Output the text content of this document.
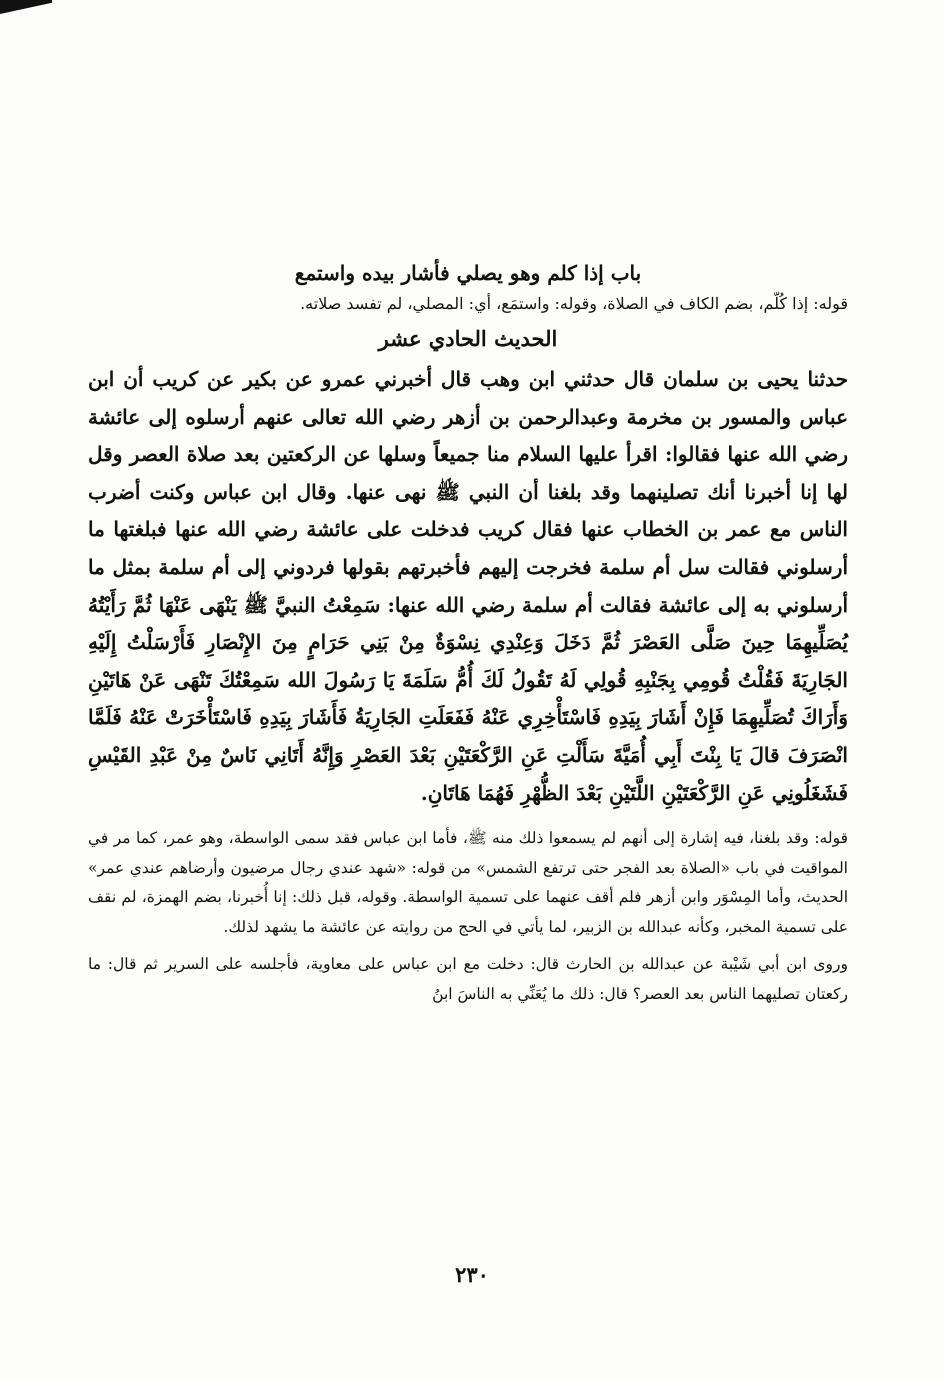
باب إذا كلم وهو يصلي فأشار بيده واستمع

قوله: إذا كُلّم، بضم الكاف في الصلاة، وقوله: واستمَع، أي: المصلي، لم تفسد صلاته.

الحديث الحادي عشر

حدثنا يحيى بن سلمان قال حدثني ابن وهب قال أخبرني عمرو عن بكير عن كريب أن ابن عباس والمسور بن مخرمة وعبدالرحمن بن أزهر رضي الله تعالى عنهم أرسلوه إلى عائشة رضي الله عنها فقالوا: اقرأ عليها السلام منا جميعاً وسلها عن الركعتين بعد صلاة العصر وقل لها إنا أخبرنا أنك تصلينهما وقد بلغنا أن النبي ﷺ نهى عنها. وقال ابن عباس وكنت أضرب الناس مع عمر بن الخطاب عنها فقال كريب فدخلت على عائشة رضي الله عنها فبلغتها ما أرسلوني فقالت سل أم سلمة فخرجت إليهم فأخبرتهم بقولها فردوني إلى أم سلمة بمثل ما أرسلوني به إلى عائشة فقالت أم سلمة رضي الله عنها: سَمِعْتُ النبيَّ ﷺ يَنْهَى عَنْهَا ثُمَّ رَأَيْتُهُ يُصَلِّيهِمَا حِينَ صَلَّى العَصْرَ ثُمَّ دَخَلَ وَعِنْدِي نِسْوَةٌ مِنْ بَنِي حَرَامٍ مِنَ الإِنْصَارِ فَأَرْسَلْتُ إِلَيْهِ الجَارِيَةَ فَقُلْتُ قُومِي بِجَنْبِهِ قُولِي لَهُ تَقُولُ لَكَ أُمُّ سَلَمَةَ يَا رَسُولَ الله سَمِعْتُكَ تَنْهَى عَنْ هَاتَيْنِ وَأَرَاكَ تُصَلِّيهِمَا فَإِنْ أَشَارَ بِيَدِهِ فَاسْتَأْخِرِي عَنْهُ فَفَعَلَتِ الجَارِيَةُ فَأَشَارَ بِيَدِهِ فَاسْتَأْخَرَتْ عَنْهُ فَلَمَّا انْصَرَفَ قالَ يَا بِنْتَ أَبِي أُمَيَّةَ سَأَلْتِ عَنِ الرَّكْعَتَيْنِ بَعْدَ العَصْرِ وَإِنَّهُ أَتَانِي نَاسٌ مِنْ عَبْدِ القَيْسِ فَشَغَلُونِي عَنِ الرَّكْعَتَيْنِ اللَّتَيْنِ بَعْدَ الظُّهْرِ فَهُمَا هَاتَانِ.

قوله: وقد بلغنا، فيه إشارة إلى أنهم لم يسمعوا ذلك منه ﷺ، فأما ابن عباس فقد سمى الواسطة، وهو عمر، كما مر في المواقيت في باب «الصلاة بعد الفجر حتى ترتفع الشمس» من قوله: «شهد عندي رجال مرضيون وأرضاهم عندي عمر» الحديث، وأما المِسْوَر وابن أزهر فلم أقف عنهما على تسمية الواسطة. وقوله، قبل ذلك: إنا أُخبرنا، بضم الهمزة، لم نقف على تسمية المخبر، وكأنه عبدالله بن الزبير، لما يأتي في الحج من روايته عن عائشة ما يشهد لذلك.

وروى ابن أبي شَيْبة عن عبدالله بن الحارث قال: دخلت مع ابن عباس على معاوية، فأجلسه على السرير ثم قال: ما ركعتان تصليهما الناس بعد العصر؟ قال: ذلك ما يُعَنِّي به الناسَ ابنُ

٢٣٠
